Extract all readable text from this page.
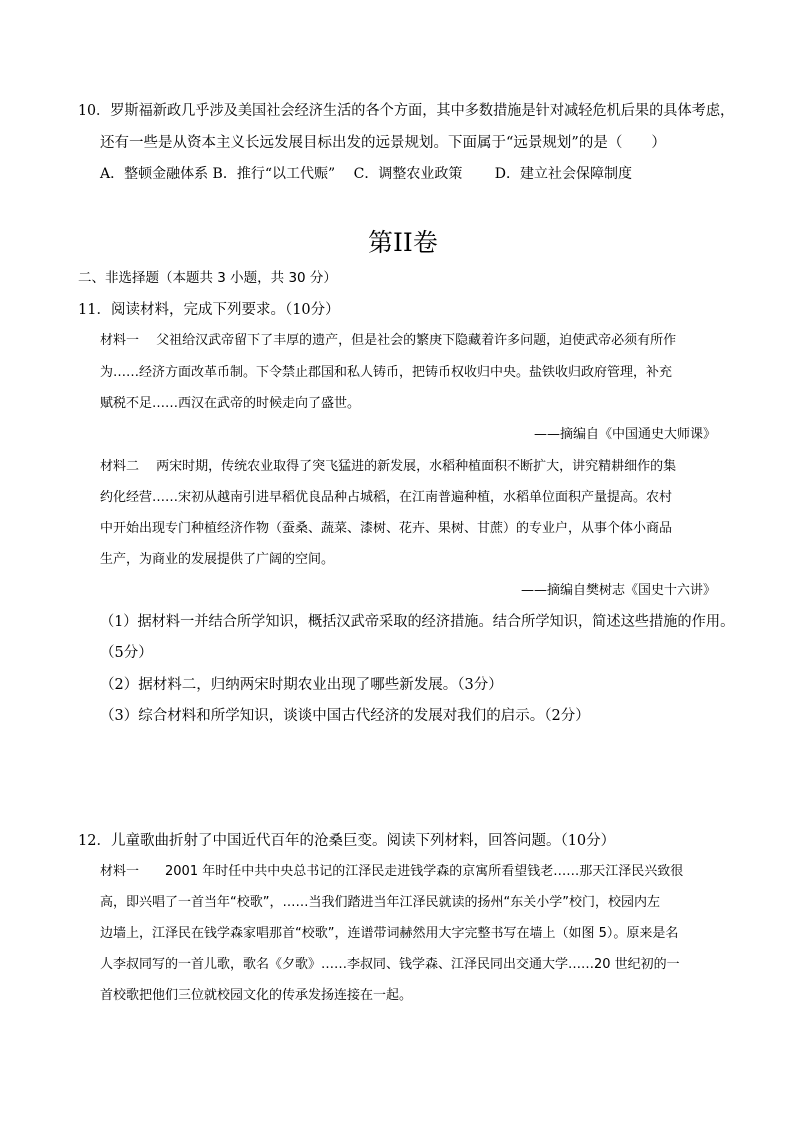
10．罗斯福新政几乎涉及美国社会经济生活的各个方面，其中多数措施是针对减轻危机后果的具体考虑，
还有一些是从资本主义长远发展目标出发的远景规划。下面属于“远景规划”的是（　　）
A．整顿金融体系 B．推行“以工代赈”　 C．调整农业政策　　 D．建立社会保障制度
第II卷
二、非选择题（本题共 3 小题，共 30 分）
11．阅读材料，完成下列要求。（10分）
材料一　 父祖给汉武帝留下了丰厚的遗产，但是社会的繁庚下隐藏着许多问题，迫使武帝必须有所作
为……经济方面改革币制。下令禁止郡国和私人铸币，把铸币权收归中央。盐铁收归政府管理，补充
赋税不足……西汉在武帝的时候走向了盛世。
——摘编自《中国通史大师课》
材料二　 两宋时期，传统农业取得了突飞猛进的新发展，水稻种植面积不断扩大，讲究精耕细作的集
约化经营……宋初从越南引进早稻优良品种占城稻，在江南普遍种植，水稻单位面积产量提高。农村
中开始出现专门种植经济作物（蚕桑、蔬菜、漆树、花卉、果树、甘蔗）的专业户，从事个体小商品
生产，为商业的发展提供了广阔的空间。
——摘编自樊树志《国史十六讲》
（1）据材料一并结合所学知识，概括汉武帝采取的经济措施。结合所学知识，简述这些措施的作用。
（5分）
（2）据材料二，归纳两宋时期农业出现了哪些新发展。（3分）
（3）综合材料和所学知识，谈谈中国古代经济的发展对我们的启示。（2分）
12．儿童歌曲折射了中国近代百年的沧桑巨变。阅读下列材料，回答问题。（10分）
材料一　　2001 年时任中共中央总书记的江泽民走进钱学森的京寓所看望钱老……那天江泽民兴致很
高，即兴唱了一首当年“校歌”，……当我们踏进当年江泽民就读的扬州“东关小学”校门，校园内左
边墙上，江泽民在钱学森家唱那首“校歌”，连谱带词赫然用大字完整书写在墙上（如图 5）。原来是名
人李叔同写的一首儿歌，歌名《夕歌》……李叔同、钱学森、江泽民同出交通大学……20 世纪初的一
首校歌把他们三位就校园文化的传承发扬连接在一起。
